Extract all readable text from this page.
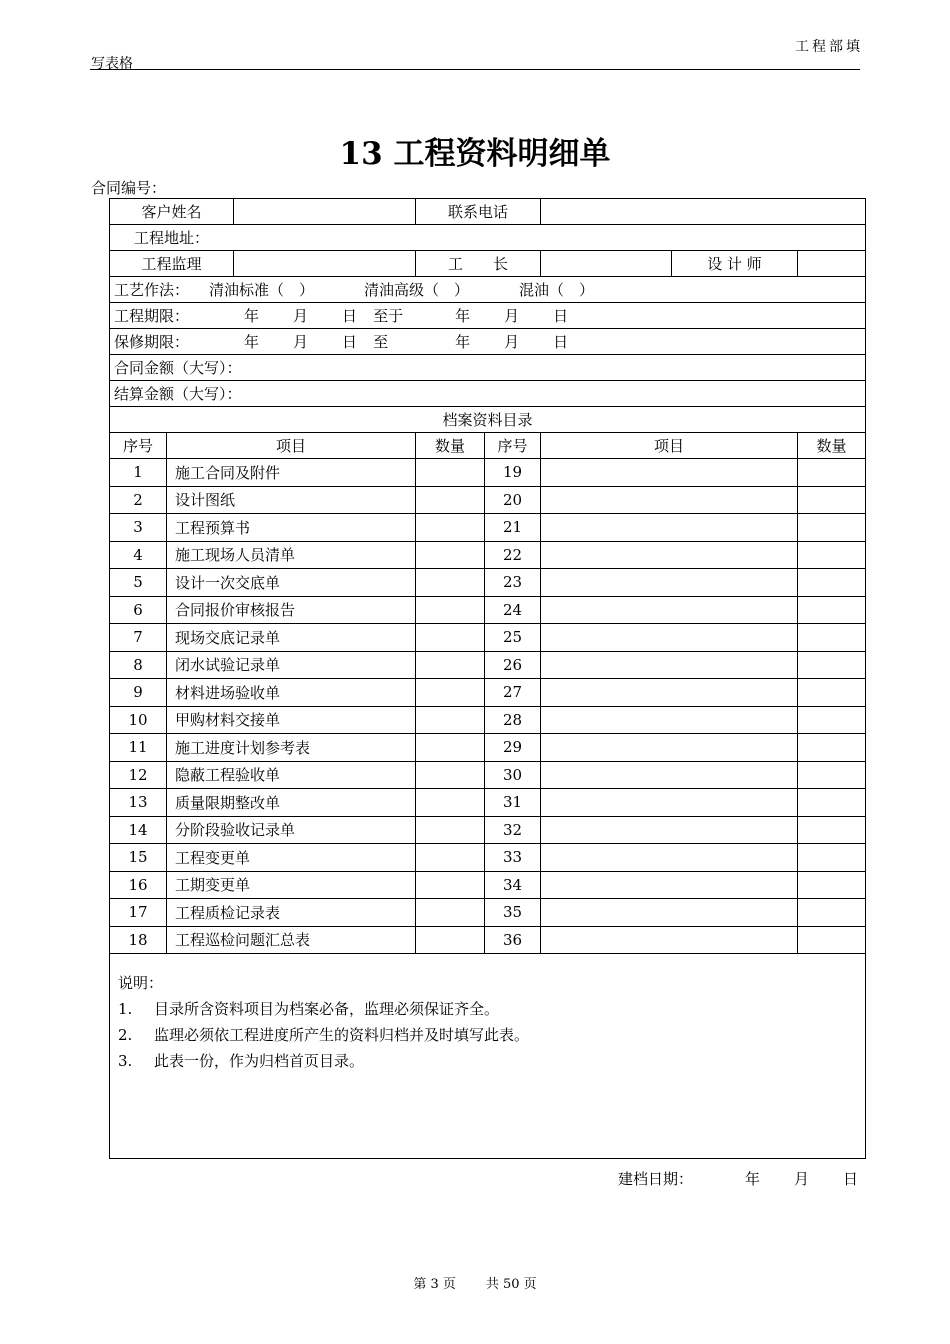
工程部填
写表格
13 工程资料明细单
合同编号：
客户姓名			联系电话				
工程地址：							
工程监理			工　　长			设 计 师	
工艺作法： 清油标准（　） 清油高级（　） 混油（　）							
工程期限： 年 月 日 至于 年 月 日							
保修期限： 年 月 日 至 年 月 日							
合同金额（大写）：							
结算金额（大写）：							
档案资料目录							
序号	项目		数量	序号	项目		数量
1	施工合同及附件			19			
2	设计图纸			20			
3	工程预算书			21			
4	施工现场人员清单			22			
5	设计一次交底单			23			
6	合同报价审核报告			24			
7	现场交底记录单			25			
8	闭水试验记录单			26			
9	材料进场验收单			27			
10	甲购材料交接单			28			
11	施工进度计划参考表			29			
12	隐蔽工程验收单			30			
13	质量限期整改单			31			
14	分阶段验收记录单			32			
15	工程变更单			33			
16	工期变更单			34			
17	工程质检记录表			35			
18	工程巡检问题汇总表			36			

说明：
1. 目录所含资料项目为档案必备，监理必须保证齐全。
2. 监理必须依工程进度所产生的资料归档并及时填写此表。
3. 此表一份，作为归档首页目录。							
建档日期：	年 月 日
第 3 页 共 50 页
